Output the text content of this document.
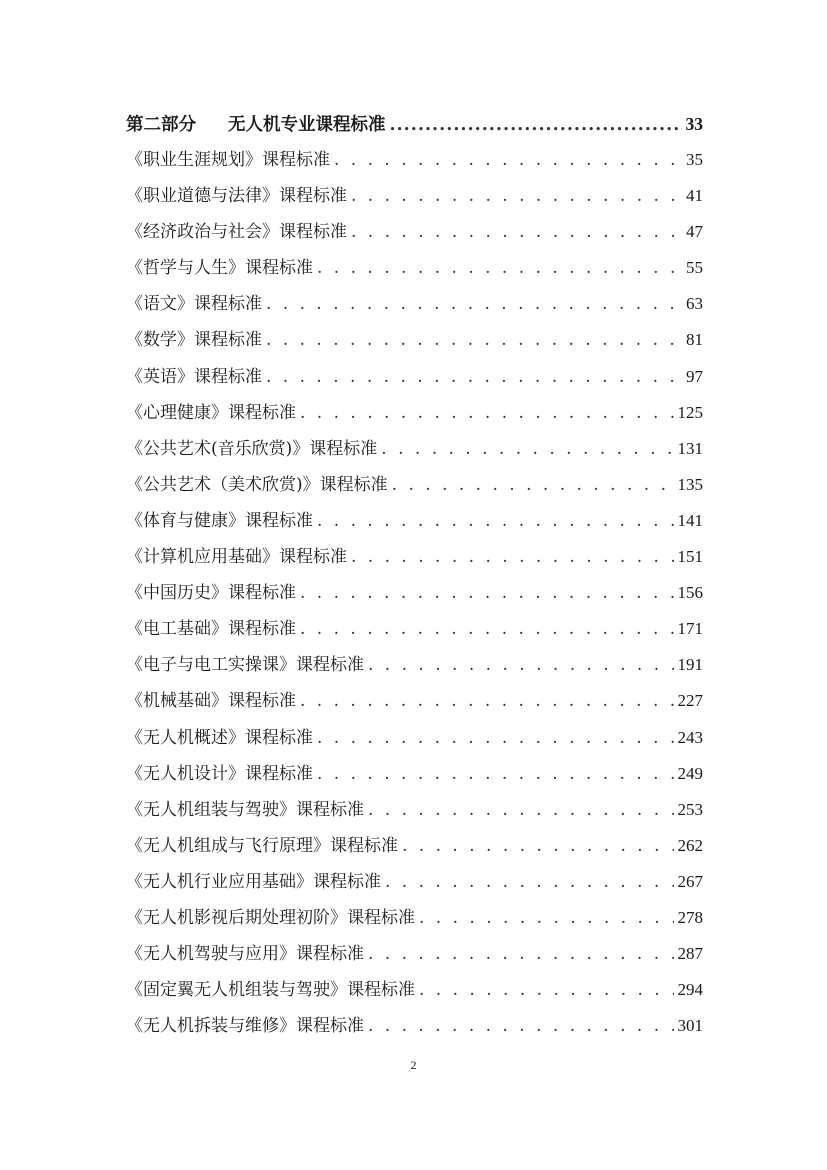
第二部分 无人机专业课程标准 .....	33
《职业生涯规划》课程标准 . . .	35
《职业道德与法律》课程标准 . . .	41
《经济政治与社会》课程标准 . . .	47
《哲学与人生》课程标准 . . .	55
《语文》课程标准 . . .	63
《数学》课程标准 . . .	81
《英语》课程标准 . . .	97
《心理健康》课程标准 . . .	125
《公共艺术(音乐欣赏)》课程标准 . . .	131
《公共艺术（美术欣赏)》课程标准 . . .	135
《体育与健康》课程标准 . . .	141
《计算机应用基础》课程标准 . . .	151
《中国历史》课程标准 . . .	156
《电工基础》课程标准 . . .	171
《电子与电工实操课》课程标准 . . .	191
《机械基础》课程标准 . . .	227
《无人机概述》课程标准 . . .	243
《无人机设计》课程标准 . . .	249
《无人机组装与驾驶》课程标准 . . .	253
《无人机组成与飞行原理》课程标准 . . .	262
《无人机行业应用基础》课程标准 . . .	267
《无人机影视后期处理初阶》课程标准 . . .	278
《无人机驾驶与应用》课程标准 . . .	287
《固定翼无人机组装与驾驶》课程标准 . . .	294
《无人机拆装与维修》课程标准 . . .	301
2
